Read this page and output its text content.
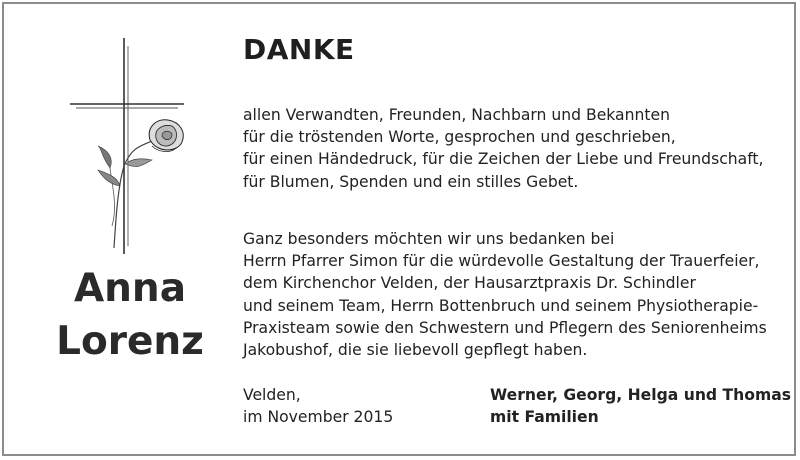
Anna
Lorenz
DANKE
allen Verwandten, Freunden, Nachbarn und Bekannten
für die tröstenden Worte, gesprochen und geschrieben,
für einen Händedruck, für die Zeichen der Liebe und Freundschaft,
für Blumen, Spenden und ein stilles Gebet.
Ganz besonders möchten wir uns bedanken bei
Herrn Pfarrer Simon für die würdevolle Gestaltung der Trauerfeier,
dem Kirchenchor Velden, der Hausarztpraxis Dr. Schindler
und seinem Team, Herrn Bottenbruch und seinem Physiotherapie-
Praxisteam sowie den Schwestern und Pflegern des Seniorenheims
Jakobushof, die sie liebevoll gepflegt haben.
Velden,
im November 2015
Werner, Georg, Helga und Thomas
mit Familien
